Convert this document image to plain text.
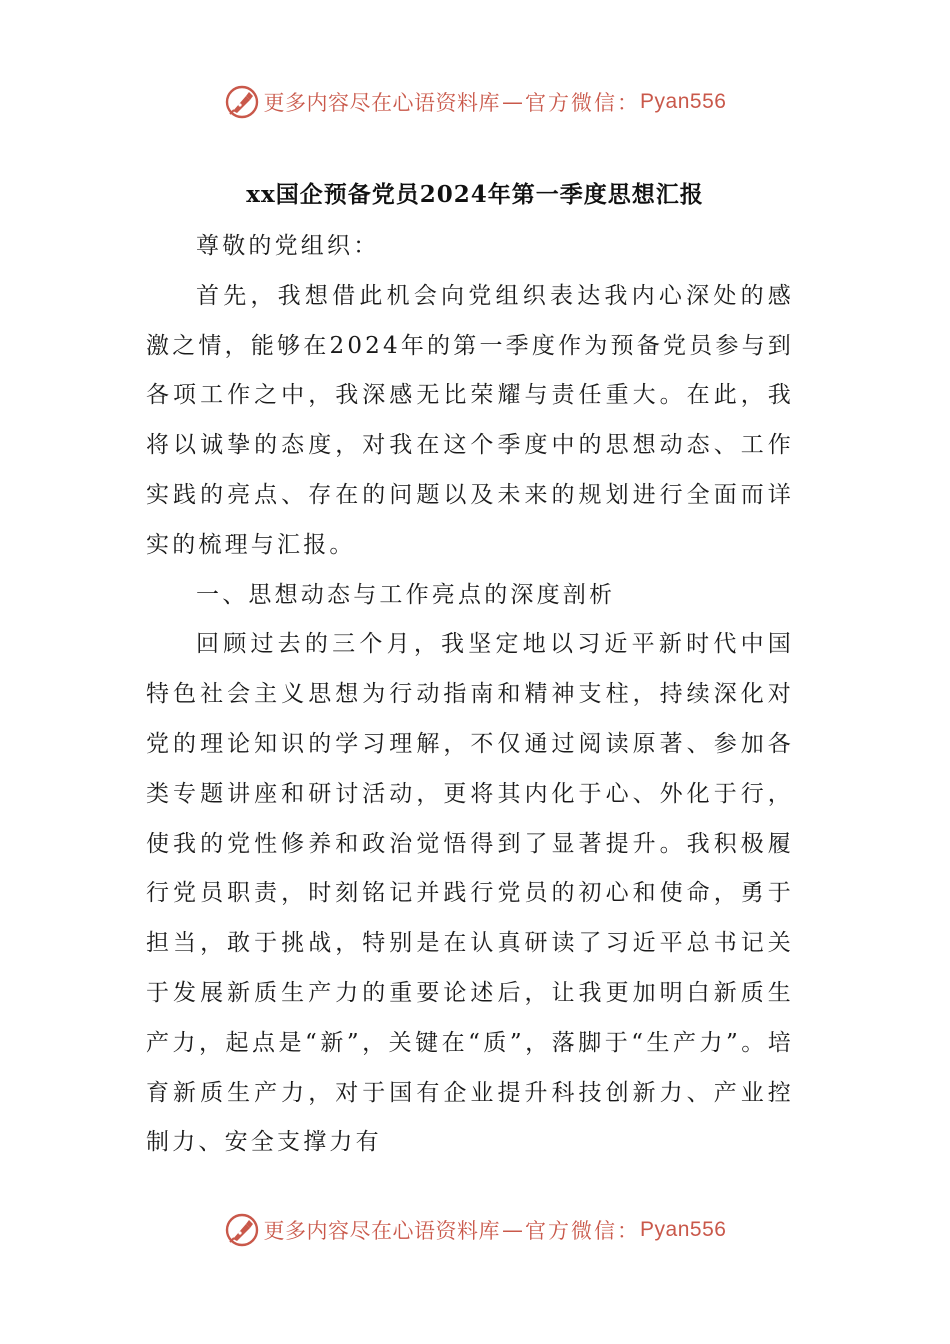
更多内容尽在心语资料库 — 官方微信： Pyan556
xx国企预备党员2024年第一季度思想汇报

尊敬的党组织：

首先，我想借此机会向党组织表达我内心深处的感激之情，能够在2024年的第一季度作为预备党员参与到各项工作之中，我深感无比荣耀与责任重大。在此，我将以诚挚的态度，对我在这个季度中的思想动态、工作实践的亮点、存在的问题以及未来的规划进行全面而详实的梳理与汇报。

一、思想动态与工作亮点的深度剖析

回顾过去的三个月，我坚定地以习近平新时代中国特色社会主义思想为行动指南和精神支柱，持续深化对党的理论知识的学习理解，不仅通过阅读原著、参加各类专题讲座和研讨活动，更将其内化于心、外化于行，使我的党性修养和政治觉悟得到了显著提升。我积极履行党员职责，时刻铭记并践行党员的初心和使命，勇于担当，敢于挑战，特别是在认真研读了习近平总书记关于发展新质生产力的重要论述后，让我更加明白新质生产力，起点是“新”，关键在“质”，落脚于“生产力”。培育新质生产力，对于国有企业提升科技创新力、产业控制力、安全支撑力有

更多内容尽在心语资料库 — 官方微信： Pyan556
